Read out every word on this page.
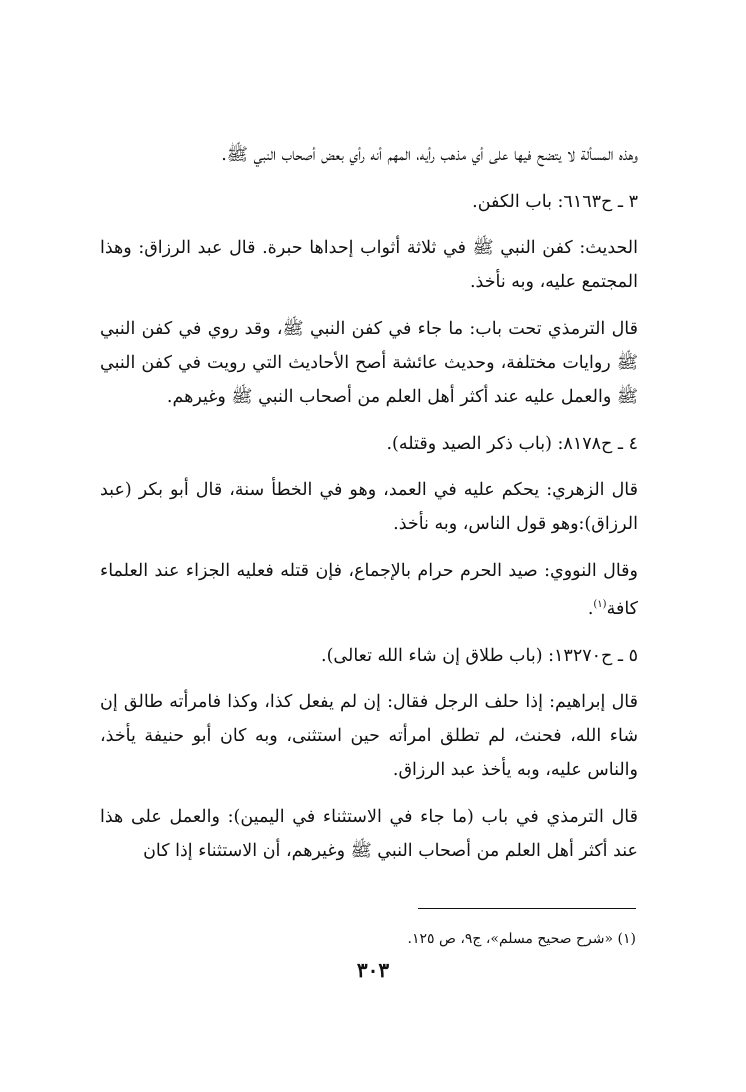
وهذه المسألة لا يتضح فيها على أي مذهب رأيه، المهم أنه رأي بعض أصحاب النبي ﷺ.

٣ ـ ح٦١٦٣: باب الكفن.

الحديث: كفن النبي ﷺ في ثلاثة أثواب إحداها حبرة. قال عبد الرزاق: وهذا المجتمع عليه، وبه نأخذ.

قال الترمذي تحت باب: ما جاء في كفن النبي ﷺ، وقد روي في كفن النبي ﷺ روايات مختلفة، وحديث عائشة أصح الأحاديث التي رويت في كفن النبي ﷺ والعمل عليه عند أكثر أهل العلم من أصحاب النبي ﷺ وغيرهم.

٤ ـ ح٨١٧٨: (باب ذكر الصيد وقتله).

قال الزهري: يحكم عليه في العمد، وهو في الخطأ سنة، قال أبو بكر (عبد الرزاق):وهو قول الناس، وبه نأخذ.

وقال النووي: صيد الحرم حرام بالإجماع، فإن قتله فعليه الجزاء عند العلماء كافة$^{(١)}$.

٥ ـ ح١٣٢٧٠: (باب طلاق إن شاء الله تعالى).

قال إبراهيم: إذا حلف الرجل فقال: إن لم يفعل كذا، وكذا فامرأته طالق إن شاء الله، فحنث، لم تطلق امرأته حين استثنى، وبه كان أبو حنيفة يأخذ، والناس عليه، وبه يأخذ عبد الرزاق.

قال الترمذي في باب (ما جاء في الاستثناء في اليمين): والعمل على هذا عند أكثر أهل العلم من أصحاب النبي ﷺ وغيرهم، أن الاستثناء إذا كان

(١) «شرح صحيح مسلم»، ج٩، ص ١٢٥.
٣٠٣
